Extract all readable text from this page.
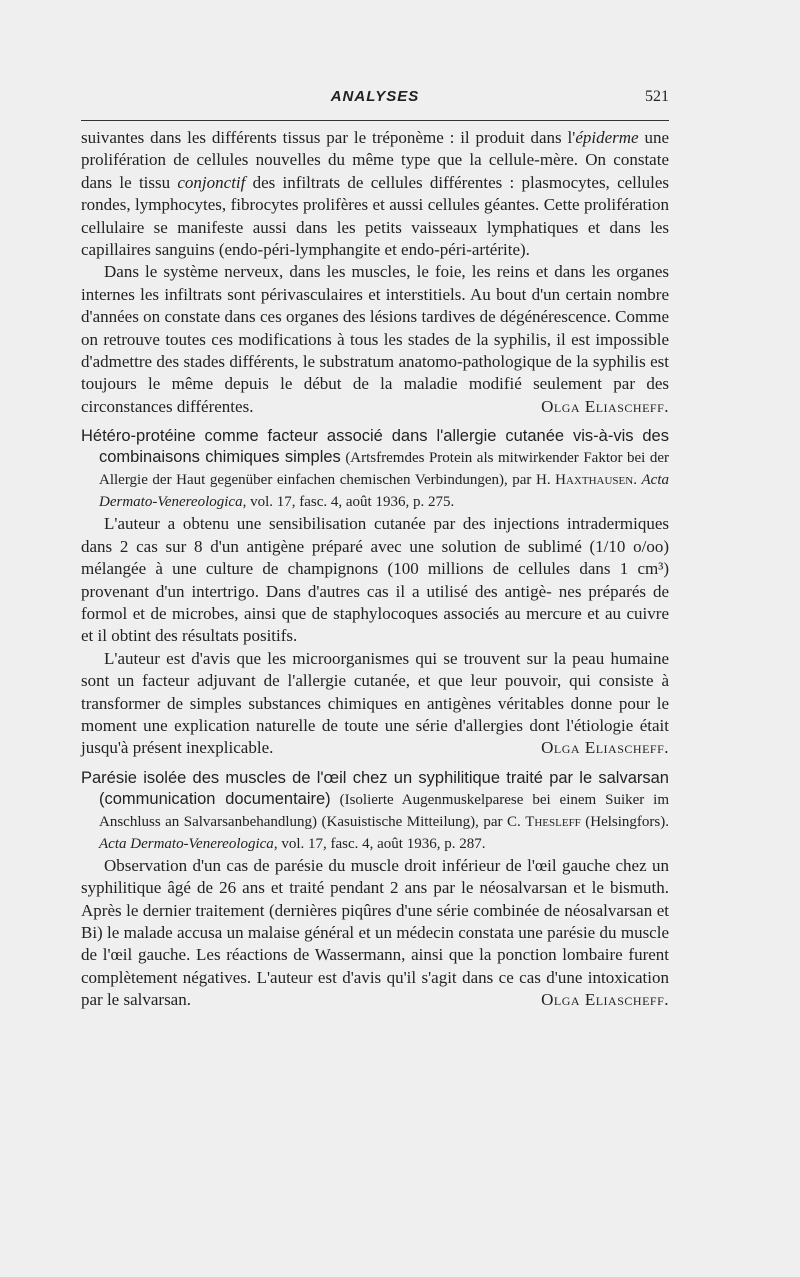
ANALYSES	521

suivantes dans les différents tissus par le tréponème : il produit dans l'épiderme une prolifération de cellules nouvelles du même type que la cellule-mère. On constate dans le tissu conjonctif des infiltrats de cellules différentes : plasmocytes, cellules rondes, lymphocytes, fibrocytes prolifères et aussi cellules géantes. Cette prolifération cellulaire se manifeste aussi dans les petits vaisseaux lymphatiques et dans les capillaires sanguins (endo-péri-lymphangite et endo-péri-artérite).

Dans le système nerveux, dans les muscles, le foie, les reins et dans les organes internes les infiltrats sont périvasculaires et interstitiels. Au bout d'un certain nombre d'années on constate dans ces organes des lésions tardives de dégénérescence. Comme on retrouve toutes ces modifications à tous les stades de la syphilis, il est impossible d'admettre des stades différents, le substratum anatomo-pathologique de la syphilis est toujours le même depuis le début de la maladie modifié seulement par des circonstances différentes.	Olga Eliascheff.

Hétéro-protéine comme facteur associé dans l'allergie cutanée vis-à-vis des combinaisons chimiques simples (Artsfremdes Protein als mitwirkender Faktor bei der Allergie der Haut gegenüber einfachen chemischen Verbindungen), par H. Haxthausen. Acta Dermato-Venereologica, vol. 17, fasc. 4, août 1936, p. 275.

L'auteur a obtenu une sensibilisation cutanée par des injections intradermiques dans 2 cas sur 8 d'un antigène préparé avec une solution de sublimé (1/10 o/oo) mélangée à une culture de champignons (100 millions de cellules dans 1 cm³) provenant d'un intertrigo. Dans d'autres cas il a utilisé des antigè- nes préparés de formol et de microbes, ainsi que de staphylocoques associés au mercure et au cuivre et il obtint des résultats positifs.

L'auteur est d'avis que les microorganismes qui se trouvent sur la peau humaine sont un facteur adjuvant de l'allergie cutanée, et que leur pouvoir, qui consiste à transformer de simples substances chimiques en antigènes véritables donne pour le moment une explication naturelle de toute une série d'allergies dont l'étiologie était jusqu'à présent inexplicable.	Olga Eliascheff.

Parésie isolée des muscles de l'œil chez un syphilitique traité par le salvarsan (communication documentaire) (Isolierte Augenmuskelparese bei einem Suiker im Anschluss an Salvarsanbehandlung) (Kasuistische Mitteilung), par C. Thesleff (Helsingfors). Acta Dermato-Venereologica, vol. 17, fasc. 4, août 1936, p. 287.

Observation d'un cas de parésie du muscle droit inférieur de l'œil gauche chez un syphilitique âgé de 26 ans et traité pendant 2 ans par le néosalvarsan et le bismuth. Après le dernier traitement (dernières piqûres d'une série combinée de néosalvarsan et Bi) le malade accusa un malaise général et un médecin constata une parésie du muscle de l'œil gauche. Les réactions de Wassermann, ainsi que la ponction lombaire furent complètement négatives. L'auteur est d'avis qu'il s'agit dans ce cas d'une intoxication par le salvarsan.	Olga Eliascheff.
